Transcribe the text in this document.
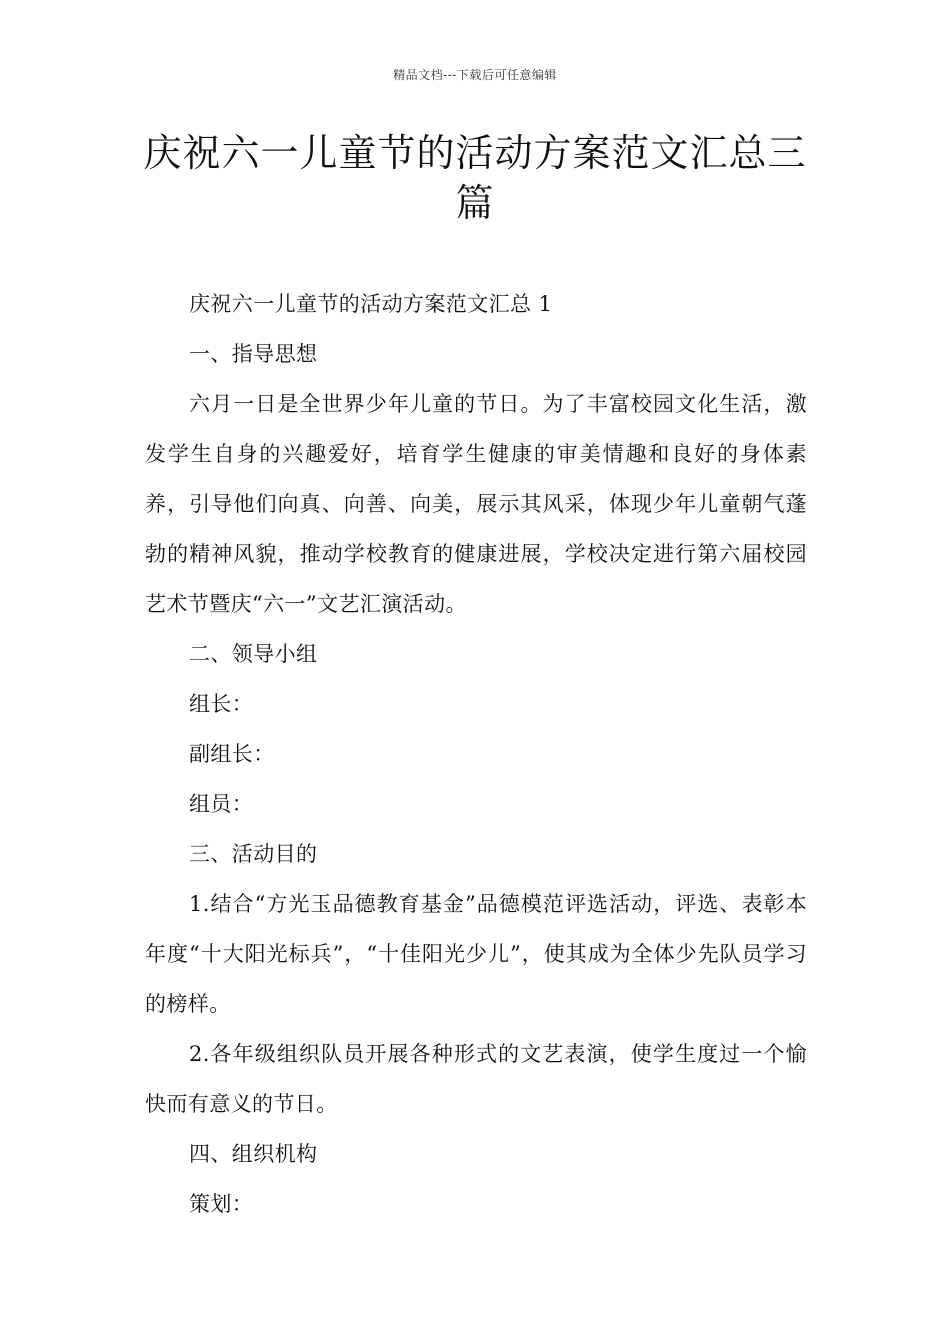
精品文档---下载后可任意编辑
庆祝六一儿童节的活动方案范文汇总三篇

庆祝六一儿童节的活动方案范文汇总 1

一、指导思想

六月一日是全世界少年儿童的节日。为了丰富校园文化生活，激发学生自身的兴趣爱好，培育学生健康的审美情趣和良好的身体素养，引导他们向真、向善、向美，展示其风采，体现少年儿童朝气蓬勃的精神风貌，推动学校教育的健康进展，学校决定进行第六届校园艺术节暨庆“六一”文艺汇演活动。

二、领导小组

组长：

副组长：

组员：

三、活动目的

1.结合“方光玉品德教育基金”品德模范评选活动，评选、表彰本年度“十大阳光标兵”，“十佳阳光少儿”，使其成为全体少先队员学习的榜样。

2.各年级组织队员开展各种形式的文艺表演，使学生度过一个愉快而有意义的节日。

四、组织机构

策划：
